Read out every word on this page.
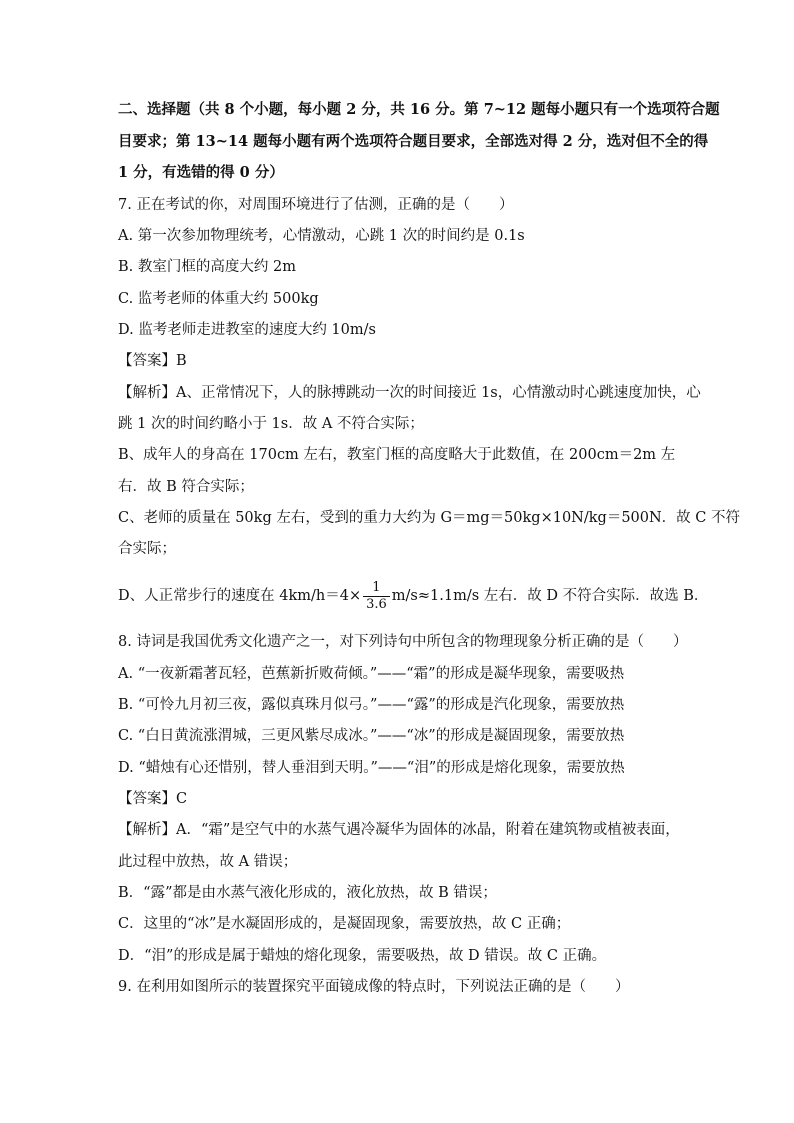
二、选择题（共 8 个小题，每小题 2 分，共 16 分。第 7~12 题每小题只有一个选项符合题
目要求；第 13~14 题每小题有两个选项符合题目要求，全部选对得 2 分，选对但不全的得
1 分，有选错的得 0 分）
7. 正在考试的你，对周围环境进行了估测，正确的是（　　）
A. 第一次参加物理统考，心情激动，心跳 1 次的时间约是 0.1s
B. 教室门框的高度大约 2m
C. 监考老师的体重大约 500kg
D. 监考老师走进教室的速度大约 10m/s
【答案】B
【解析】A、正常情况下，人的脉搏跳动一次的时间接近 1s，心情激动时心跳速度加快，心
跳 1 次的时间约略小于 1s．故 A 不符合实际；
B、成年人的身高在 170cm 左右，教室门框的高度略大于此数值，在 200cm＝2m 左
右．故 B 符合实际；
C、老师的质量在 50kg 左右，受到的重力大约为 G＝mg＝50kg×10N/kg＝500N．故 C 不符
合实际；
D、人正常步行的速度在 $4km/h=4\times \frac{1}{3.6} m/s\approx 1.1m/s$ 左右．故 D 不符合实际．故选 B．
8. 诗词是我国优秀文化遗产之一，对下列诗句中所包含的物理现象分析正确的是（　　）
A. “一夜新霜著瓦轻，芭蕉新折败荷倾。”——“霜”的形成是凝华现象，需要吸热
B. “可怜九月初三夜，露似真珠月似弓。”——“露”的形成是汽化现象，需要放热
C. “白日黄流涨渭城，三更风紫尽成冰。”——“冰”的形成是凝固现象，需要放热
D. “蜡烛有心还惜别，替人垂泪到天明。”——“泪”的形成是熔化现象，需要放热
【答案】C
【解析】A．“霜”是空气中的水蒸气遇冷凝华为固体的冰晶，附着在建筑物或植被表面，
此过程中放热，故 A 错误；
B．“露”都是由水蒸气液化形成的，液化放热，故 B 错误；
C．这里的“冰”是水凝固形成的，是凝固现象，需要放热，故 C 正确；
D．“泪”的形成是属于蜡烛的熔化现象，需要吸热，故 D 错误。故 C 正确。
9. 在利用如图所示的装置探究平面镜成像的特点时，下列说法正确的是（　　）
